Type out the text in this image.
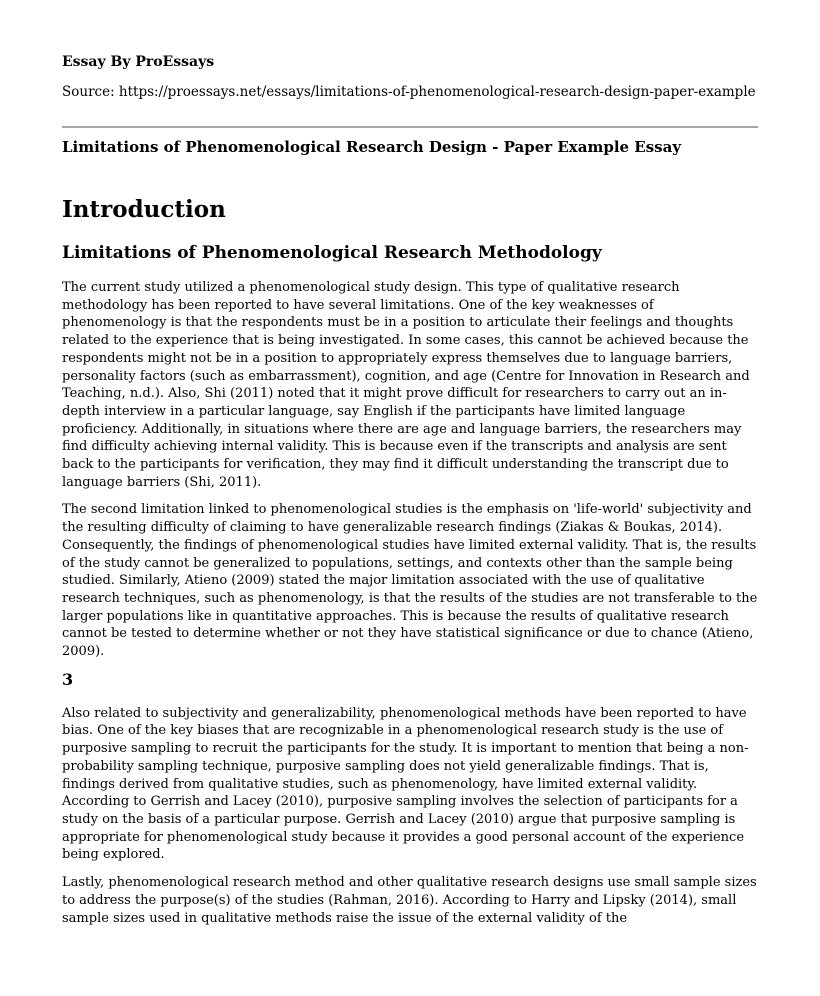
Essay By ProEssays
Source: https://proessays.net/essays/limitations-of-phenomenological-research-design-paper-example
Limitations of Phenomenological Research Design - Paper Example Essay
Introduction
Limitations of Phenomenological Research Methodology

The current study utilized a phenomenological study design. This type of qualitative research methodology has been reported to have several limitations. One of the key weaknesses of phenomenology is that the respondents must be in a position to articulate their feelings and thoughts related to the experience that is being investigated. In some cases, this cannot be achieved because the respondents might not be in a position to appropriately express themselves due to language barriers, personality factors (such as embarrassment), cognition, and age (Centre for Innovation in Research and Teaching, n.d.). Also, Shi (2011) noted that it might prove difficult for researchers to carry out an in-depth interview in a particular language, say English if the participants have limited language proficiency. Additionally, in situations where there are age and language barriers, the researchers may find difficulty achieving internal validity. This is because even if the transcripts and analysis are sent back to the participants for verification, they may find it difficult understanding the transcript due to language barriers (Shi, 2011).

The second limitation linked to phenomenological studies is the emphasis on 'life-world' subjectivity and the resulting difficulty of claiming to have generalizable research findings (Ziakas & Boukas, 2014). Consequently, the findings of phenomenological studies have limited external validity. That is, the results of the study cannot be generalized to populations, settings, and contexts other than the sample being studied. Similarly, Atieno (2009) stated the major limitation associated with the use of qualitative research techniques, such as phenomenology, is that the results of the studies are not transferable to the larger populations like in quantitative approaches. This is because the results of qualitative research cannot be tested to determine whether or not they have statistical significance or due to chance (Atieno, 2009).

3

Also related to subjectivity and generalizability, phenomenological methods have been reported to have bias. One of the key biases that are recognizable in a phenomenological research study is the use of purposive sampling to recruit the participants for the study. It is important to mention that being a non-probability sampling technique, purposive sampling does not yield generalizable findings. That is, findings derived from qualitative studies, such as phenomenology, have limited external validity. According to Gerrish and Lacey (2010), purposive sampling involves the selection of participants for a study on the basis of a particular purpose. Gerrish and Lacey (2010) argue that purposive sampling is appropriate for phenomenological study because it provides a good personal account of the experience being explored.

Lastly, phenomenological research method and other qualitative research designs use small sample sizes to address the purpose(s) of the studies (Rahman, 2016). According to Harry and Lipsky (2014), small sample sizes used in qualitative methods raise the issue of the external validity of the
